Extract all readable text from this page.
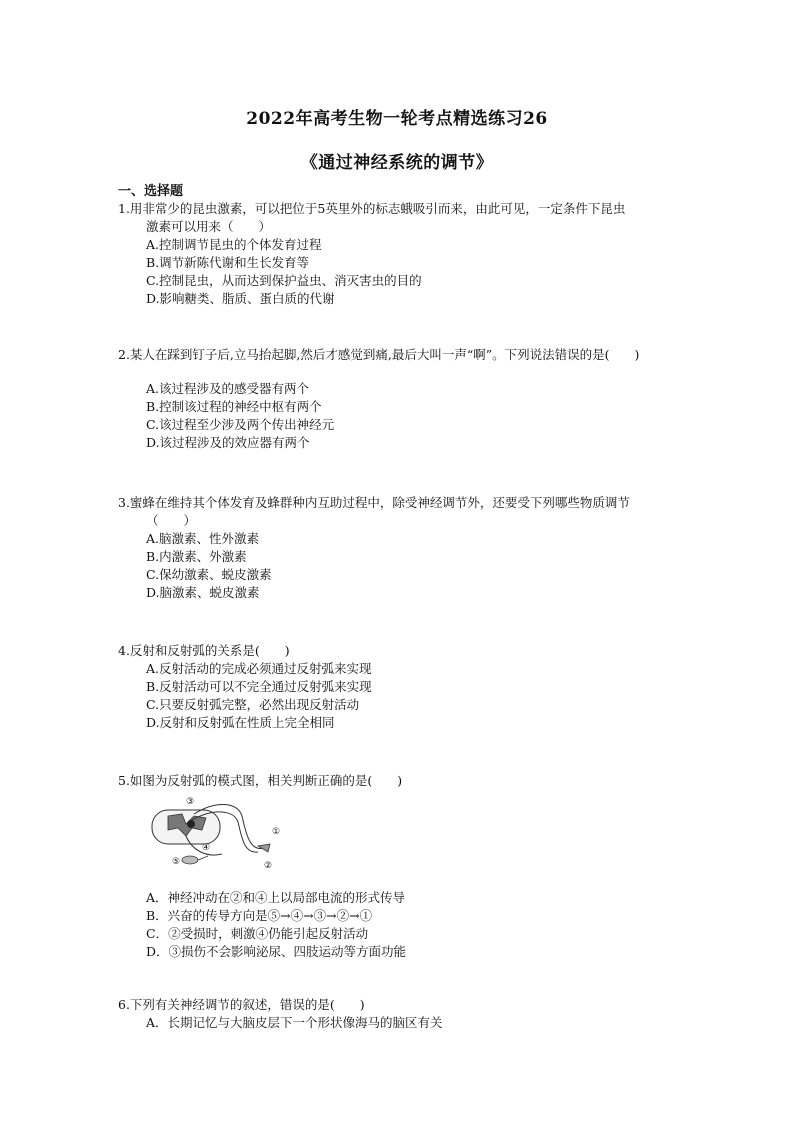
2022年高考生物一轮考点精选练习26
《通过神经系统的调节》
一、选择题

1.用非常少的昆虫激素，可以把位于5英里外的标志蛾吸引而来，由此可见，一定条件下昆虫

激素可以用来（　　）

A.控制调节昆虫的个体发育过程

B.调节新陈代谢和生长发育等

C.控制昆虫，从而达到保护益虫、消灭害虫的目的

D.影响糖类、脂质、蛋白质的代谢

2.某人在踩到钉子后,立马抬起脚,然后才感觉到痛,最后大叫一声“啊”。下列说法错误的是(　　)

A.该过程涉及的感受器有两个

B.控制该过程的神经中枢有两个

C.该过程至少涉及两个传出神经元

D.该过程涉及的效应器有两个

3.蜜蜂在维持其个体发育及蜂群种内互助过程中，除受神经调节外，还要受下列哪些物质调节

（　　）

A.脑激素、性外激素

B.内激素、外激素

C.保幼激素、蜕皮激素

D.脑激素、蜕皮激素

4.反射和反射弧的关系是(　　)

A.反射活动的完成必须通过反射弧来实现

B.反射活动可以不完全通过反射弧来实现

C.只要反射弧完整，必然出现反射活动

D.反射和反射弧在性质上完全相同

5.如图为反射弧的模式图，相关判断正确的是(　　)

③
①
④
⑤	②

A．神经冲动在②和④上以局部电流的形式传导

B．兴奋的传导方向是⑤→④→③→②→①

C．②受损时，刺激④仍能引起反射活动

D．③损伤不会影响泌尿、四肢运动等方面功能

6.下列有关神经调节的叙述，错误的是(　　)

A．长期记忆与大脑皮层下一个形状像海马的脑区有关
